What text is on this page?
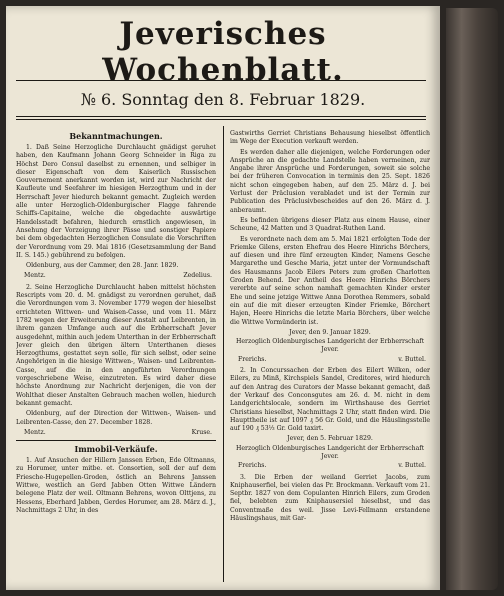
Jeverisches Wochenblatt.
№ 6. Sonntag den 8. Februar 1829.
Bekanntmachungen.

1. Daß Seine Herzogliche Durchlaucht gnädigst geruhet haben, den Kaufmann Johann Georg Schneider in Riga zu Höchst Dero Consul daselbst zu ernennen, und selbiger in dieser Eigenschaft von dem Kaiserlich Russischen Gouvernement anerkannt worden ist, wird zur Nachricht der Kaufleute und Seefahrer im hiesigen Herzogthum und in der Herrschaft Jever hiedurch bekannt gemacht. Zugleich werden alle unter Herzoglich-Oldenburgischer Flagge fahrende Schiffs-Capitaine, welche die obgedachte auswärtige Handelsstadt befahren, hiedurch ernstlich angewiesen, in Ansehung der Vorzeigung ihrer Pässe und sonstiger Papiere bei dem obgedachten Herzoglichen Consulate die Vorschriften der Verordnung vom 29. Mai 1816 (Gesetzsammlung der Band II. S. 145.) gebührend zu befolgen.

Oldenburg, aus der Cammer, den 28. Janr. 1829.

Mentz.	Zedelius.

2. Seine Herzogliche Durchlaucht haben mittelst höchsten Rescripts vom 20. d. M. gnädigst zu verordnen geruhet, daß die Verordnungen vom 3. November 1779 wegen der hieselbst errichteten Wittwen- und Waisen-Casse, und vom 11. März 1782 wegen der Erweiterung dieser Anstalt auf Leibrenten, in ihrem ganzen Umfange auch auf die Erbherrschaft Jever ausgedehnt, mithin auch jedem Unterthan in der Erbherrschaft Jever gleich den übrigen ältern Unterthanen dieses Herzogthums, gestattet seyn solle, für sich selbst, oder seine Angehörigen in die hiesige Wittwen-, Waisen- und Leibrenten-Casse, auf die in den angeführten Verordnungen vorgeschriebene Weise, einzutreten. Es wird daher diese höchste Anordnung zur Nachricht derjenigen, die von der Wohlthat dieser Anstalten Gebrauch machen wollen, hiedurch bekannt gemacht.

Oldenburg, auf der Direction der Wittwen-, Waisen- und Leibrenten-Casse, den 27. December 1828.

Mentz.	Kruse.
Immobil-Verkäufe.

1. Auf Ansuchen der Hillern Janssen Erben, Ede Oltmanns, zu Horumer, unter mitbe. et. Consortien, soll der auf dem Friesche-Hugepellen-Groden, östlich an Behrens Janssen Wittwe, westlich an Gerd Jabben Otten Wittwe Ländern belegene Platz der weil. Oltmann Behrens, wovon Olttjens, zu Hessens, Eberhard Jabben, Gerdes Horumer, am 28. März d. J., Nachmittags 2 Uhr, in des

Gastwirths Gerriet Christians Behausung hieselbst öffentlich im Wege der Execution verkauft werden.

Es werden daher alle diejenigen, welche Forderungen oder Ansprüche an die gedachte Landstelle haben vermeinen, zur Angabe ihrer Ansprüche und Forderungen, soweit sie solche bei der früheren Convocation in terminis den 25. Sept. 1826 nicht schon eingegeben haben, auf den 25. März d. J. bei Verlust der Präclusion verabladet und ist der Termin zur Publication des Präclusivbescheides auf den 26. März d. J. anberaumt.

Es befinden übrigens dieser Platz aus einem Hause, einer Scheune, 42 Matten und 3 Quadrat-Ruthen Land.

Es verordnete nach dem am 5. Mai 1821 erfolgten Tode der Friemke Gilens, ersten Ehefrau des Heere Hinrichs Börchers, auf diesen und ihre fünf erzeugten Kinder, Namens Gesche Margarethe und Gesche Maria, jetzt unter der Vormundschaft des Hausmanns Jacob Eilers Peters zum großen Charlotten Groden Behend. Der Antheil des Heere Hinrichs Börchers vererbte auf seine schon namhaft gemachten Kinder erster Ehe und seine jetzige Wittwe Anna Dorothea Remmers, sobald ein auf die mit dieser erzeugten Kinder Friemke, Börchert Hajen, Heere Hinrichs die letzte Maria Börchers, über welche die Wittwe Vormünderin ist.

Jever, den 9. Januar 1829.
Herzoglich Oldenburgisches Landgericht der Erbherrschaft Jever.
Frerichs.	v. Buttel.

2. In Concurssachen der Erben des Eilert Wilken, oder Eilers, zu Minß, Kirchspiels Sandel, Creditores, wird hiedurch auf den Antrag des Curators der Masse bekannt gemacht, daß der Verkauf des Conconsgutes am 26. d. M. nicht in dem Landgerichtslocale, sondern im Wirthshause des Gerriet Christians hieselbst, Nachmittags 2 Uhr, statt finden wird. Die Haupttheile ist auf 1097 ₰ 56 Gr. Gold, und die Häuslingsstelle auf 190 ₰ 53⅓ Gr. Gold taxirt.

Jever, den 5. Februar 1829.
Herzoglich Oldenburgisches Landgericht der Erbherrschaft Jever.
Frerichs.	v. Buttel.

3. Die Erben der weiland Gerriet Jacobs, zum Kniphauserfiel, bei vielen das Pr. Brockmann. Verkauft vom 21. Septbr. 1827 von dem Copulanten Hinrich Eilers, zum Groden fiel, belebten zum Kniphausersiel hieselbst, und das Conventmaße des weil. Jisse Levi-Fellmann erstandene Häuslingshaus, mit Gar-
